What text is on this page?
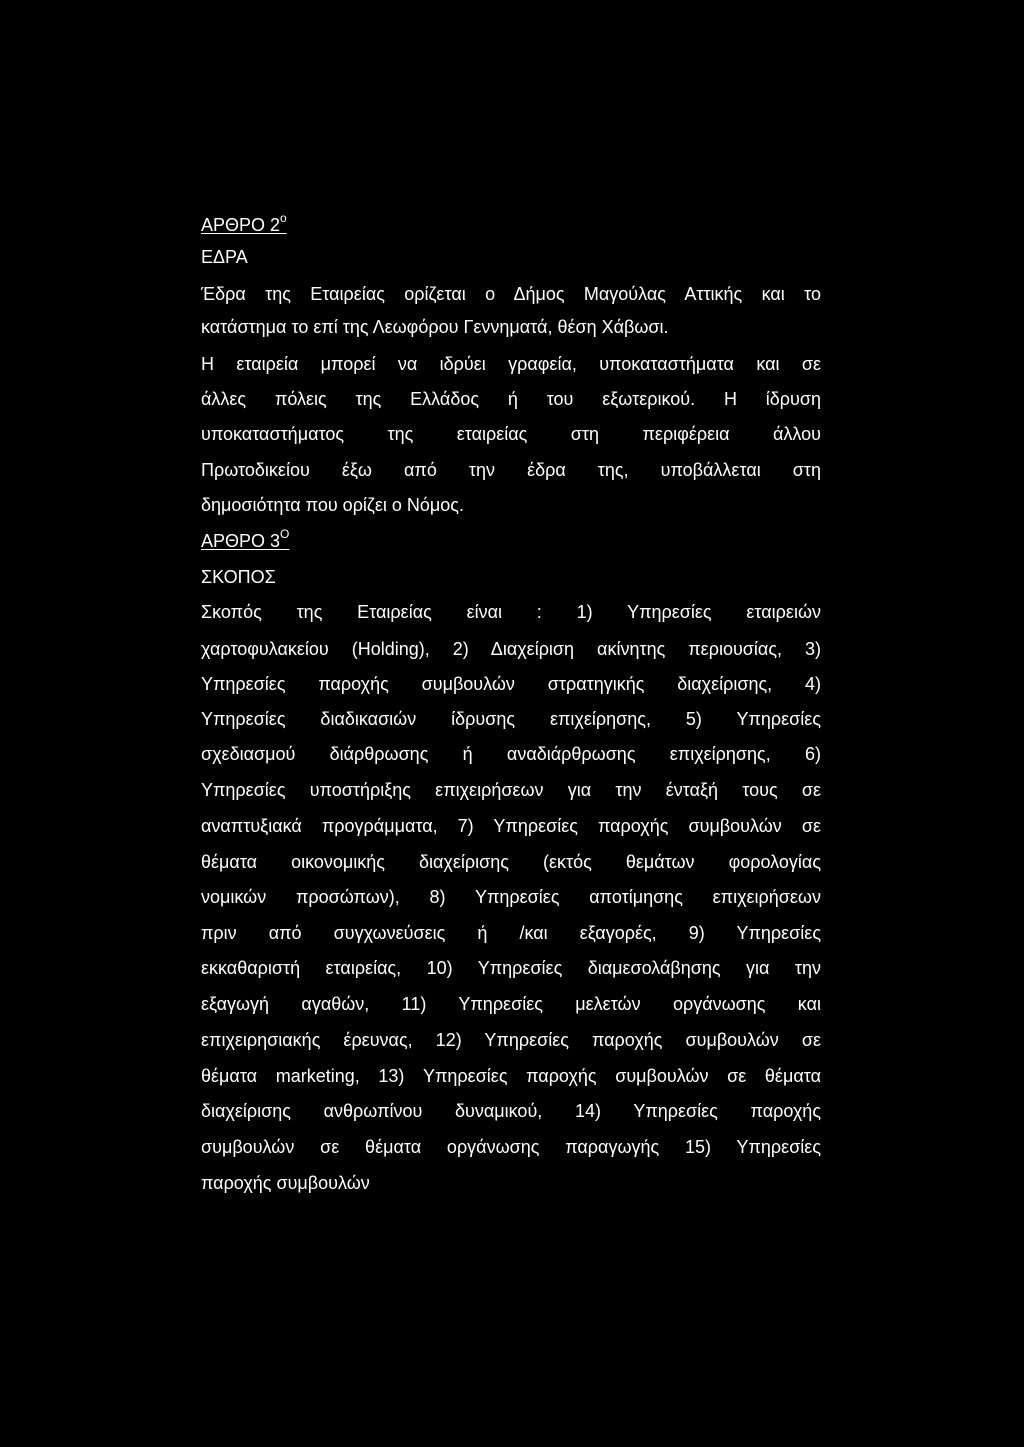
ΑΡΘΡΟ $2^o$
ΕΔΡΑ
Έδρα της Εταιρείας ορίζεται ο Δήμος Μαγούλας Αττικής και το
κατάστημα το επί της Λεωφόρου Γεννηματά, θέση Χάβωσι.
Η εταιρεία μπορεί να ιδρύει γραφεία, υποκαταστήματα και σε
άλλες πόλεις της Ελλάδος ή του εξωτερικού. Η ίδρυση
υποκαταστήματος της εταιρείας στη περιφέρεια άλλου
Πρωτοδικείου έξω από την έδρα της, υποβάλλεται στη
δημοσιότητα που ορίζει ο Νόμος.
ΑΡΘΡΟ $3^O$
ΣΚΟΠΟΣ
Σκοπός της Εταιρείας είναι : 1) Υπηρεσίες εταιρειών
χαρτοφυλακείου (Holding), 2) Διαχείριση ακίνητης περιουσίας, 3)
Υπηρεσίες παροχής συμβουλών στρατηγικής διαχείρισης, 4)
Υπηρεσίες διαδικασιών ίδρυσης επιχείρησης, 5) Υπηρεσίες
σχεδιασμού διάρθρωσης ή αναδιάρθρωσης επιχείρησης, 6)
Υπηρεσίες υποστήριξης επιχειρήσεων για την ένταξή τους σε
αναπτυξιακά προγράμματα, 7) Υπηρεσίες παροχής συμβουλών σε
θέματα οικονομικής διαχείρισης (εκτός θεμάτων φορολογίας
νομικών προσώπων), 8) Υπηρεσίες αποτίμησης επιχειρήσεων
πριν από συγχωνεύσεις ή /και εξαγορές, 9) Υπηρεσίες
εκκαθαριστή εταιρείας, 10) Υπηρεσίες διαμεσολάβησης για την
εξαγωγή αγαθών, 11) Υπηρεσίες μελετών οργάνωσης και
επιχειρησιακής έρευνας, 12) Υπηρεσίες παροχής συμβουλών σε
θέματα marketing, 13) Υπηρεσίες παροχής συμβουλών σε θέματα
διαχείρισης ανθρωπίνου δυναμικού, 14) Υπηρεσίες παροχής
συμβουλών σε θέματα οργάνωσης παραγωγής 15) Υπηρεσίες
παροχής συμβουλών
